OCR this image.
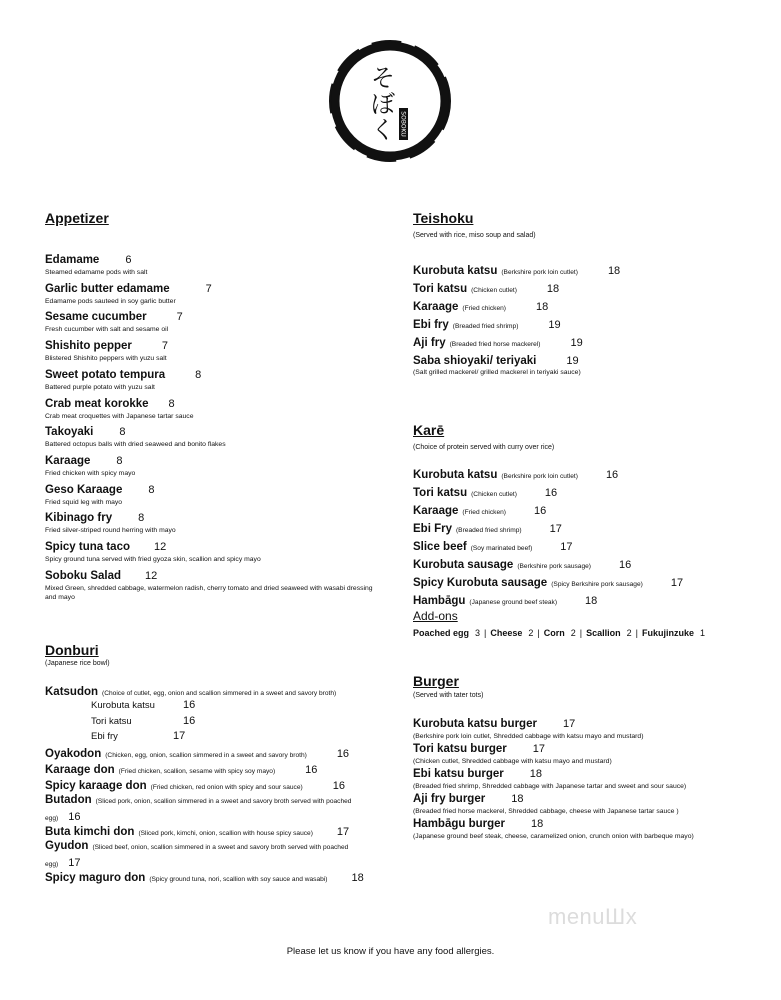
そ
ぼ
く SOBOKU
Appetizer
Edamame 6
Steamed edamame pods with salt
Garlic butter edamame	7
Edamame pods sauteed in soy garlic butter
Sesame cucumber	7
Fresh cucumber with salt and sesame oil
Shishito pepper	7
Blistered Shishito peppers with yuzu salt
Sweet potato tempura	8
Battered purple potato with yuzu salt
Crab meat korokke 8
Crab meat croquettes with Japanese tartar sauce
Takoyaki 8
Battered octopus balls with dried seaweed and bonito flakes
Karaage 8
Fried chicken with spicy mayo
Geso Karaage 8
Fried squid leg with mayo
Kibinago fry 8
Fried silver-striped round herring with mayo
Spicy tuna taco 12
Spicy ground tuna served with fried gyoza skin, scallion and spicy mayo
Soboku Salad 12
Mixed Green, shredded cabbage, watermelon radish, cherry tomato and dried seaweed with wasabi dressing and mayo
Donburi
(Japanese rice bowl)
Katsudon (Choice of cutlet, egg, onion and scallion simmered in a sweet and savory broth)
Kurobuta katsu	16
Tori katsu	16
Ebi fry	17
Oyakodon (Chicken, egg, onion, scallion simmered in a sweet and savory broth)	16
Karaage don (Fried chicken, scallion, sesame with spicy soy mayo)	16
Spicy karaage don (Fried chicken, red onion with spicy and sour sauce)	16
Butadon (Sliced pork, onion, scallion simmered in a sweet and savory broth served with poached egg) 16
Buta kimchi don (Sliced pork, kimchi, onion, scallion with house spicy sauce) 17
Gyudon (Sliced beef, onion, scallion simmered in a sweet and savory broth served with poached egg) 17
Spicy maguro don (Spicy ground tuna, nori, scallion with soy sauce and wasabi) 18
Teishoku
(Served with rice, miso soup and salad)
Kurobuta katsu (Berkshire pork loin cutlet)	18
Tori katsu (Chicken cutlet)	18
Karaage (Fried chicken)	18
Ebi fry (Breaded fried shrimp)	19
Aji fry (Breaded fried horse mackerel)	19
Saba shioyaki/ teriyaki	19
(Salt grilled mackerel/ grilled mackerel in teriyaki sauce)
Karē
(Choice of protein served with curry over rice)
Kurobuta katsu (Berkshire pork loin cutlet)	16
Tori katsu (Chicken cutlet)	16
Karaage (Fried chicken)	16
Ebi Fry (Breaded fried shrimp)	17
Slice beef (Soy marinated beef)	17
Kurobuta sausage (Berkshire pork sausage)	16
Spicy Kurobuta sausage (Spicy Berkshire pork sausage)	17
Hambāgu (Japanese ground beef steak)	18
Add-ons
Poached egg 3 | Cheese 2 | Corn 2 | Scallion 2 | Fukujinzuke 1
Burger
(Served with tater tots)
Kurobuta katsu burger 17
(Berkshire pork loin cutlet, Shredded cabbage with katsu mayo and mustard)
Tori katsu burger 17
(Chicken cutlet, Shredded cabbage with katsu mayo and mustard)
Ebi katsu burger 18
(Breaded fried shrimp, Shredded cabbage with Japanese tartar and sweet and sour sauce)
Aji fry burger 18
(Breaded fried horse mackerel, Shredded cabbage, cheese with Japanese tartar sauce )
Hambāgu burger 18
(Japanese ground beef steak, cheese, caramelized onion, crunch onion with barbeque mayo)
menuШx
Please let us know if you have any food allergies.
